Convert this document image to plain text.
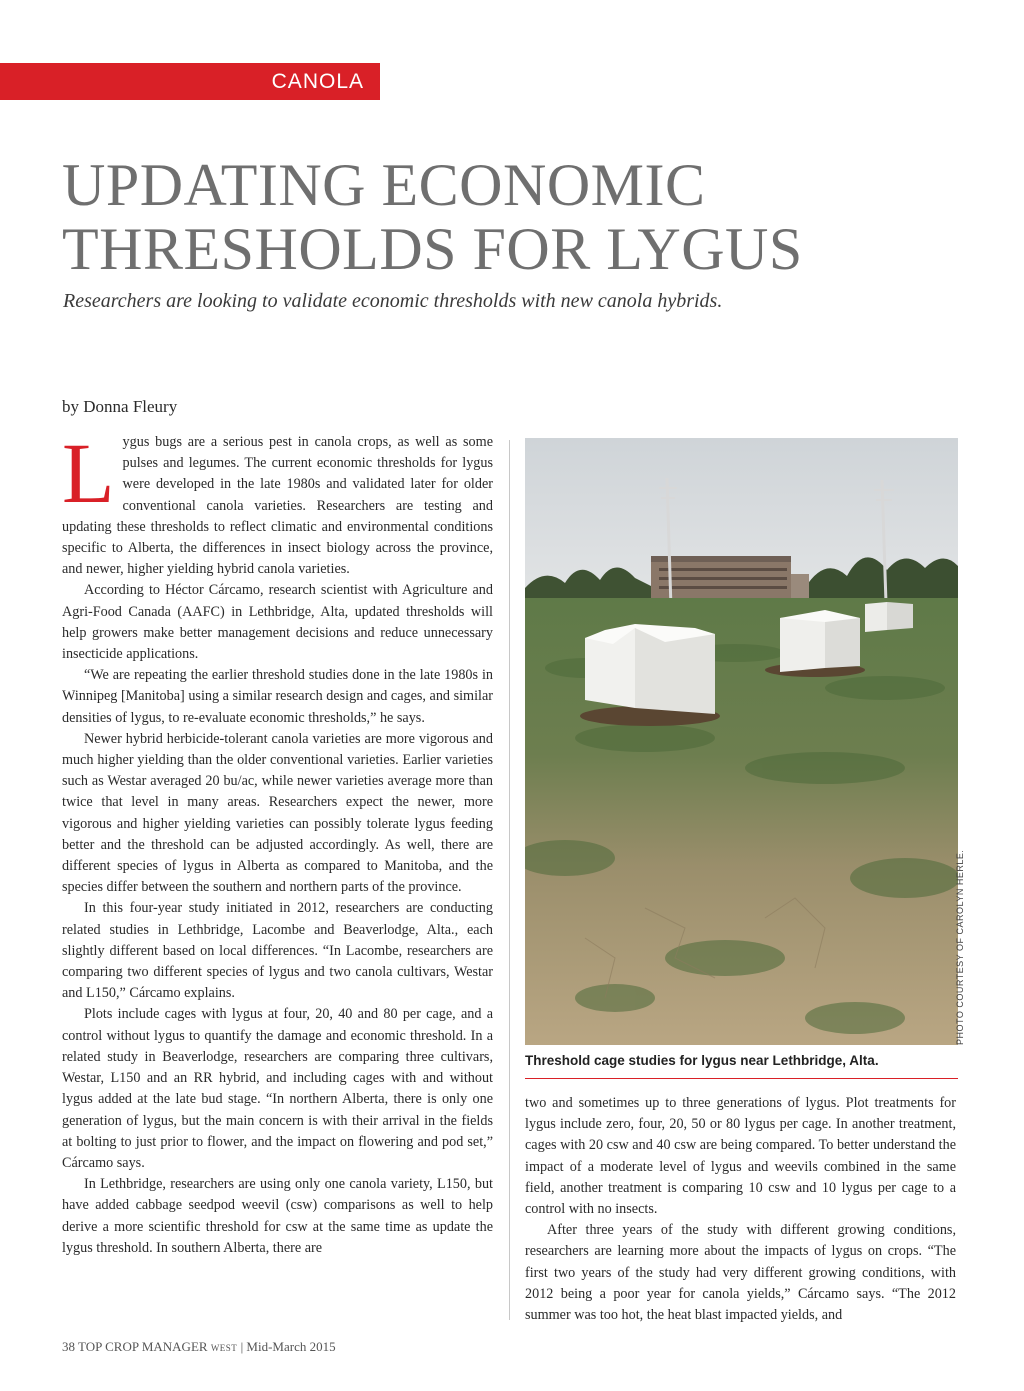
CANOLA
UPDATING ECONOMIC
THRESHOLDS FOR LYGUS
Researchers are looking to validate economic thresholds with new canola hybrids.
by Donna Fleury

Lygus bugs are a serious pest in canola crops, as well as some pulses and legumes. The current economic thresholds for lygus were developed in the late 1980s and validated later for older conventional canola varieties. Researchers are testing and updating these thresholds to reflect climatic and environmental conditions specific to Alberta, the differences in insect biology across the province, and newer, higher yielding hybrid canola varieties.

According to Héctor Cárcamo, research scientist with Agriculture and Agri-Food Canada (AAFC) in Lethbridge, Alta, updated thresholds will help growers make better management decisions and reduce unnecessary insecticide applications.

“We are repeating the earlier threshold studies done in the late 1980s in Winnipeg [Manitoba] using a similar research design and cages, and similar densities of lygus, to re-evaluate economic thresholds,” he says.

Newer hybrid herbicide-tolerant canola varieties are more vigorous and much higher yielding than the older conventional varieties. Earlier varieties such as Westar averaged 20 bu/ac, while newer varieties average more than twice that level in many areas. Researchers expect the newer, more vigorous and higher yielding varieties can possibly tolerate lygus feeding better and the threshold can be adjusted accordingly. As well, there are different species of lygus in Alberta as compared to Manitoba, and the species differ between the southern and northern parts of the province.

In this four-year study initiated in 2012, researchers are conducting related studies in Lethbridge, Lacombe and Beaverlodge, Alta., each slightly different based on local differences. “In Lacombe, researchers are comparing two different species of lygus and two canola cultivars, Westar and L150,” Cárcamo explains.

Plots include cages with lygus at four, 20, 40 and 80 per cage, and a control without lygus to quantify the damage and economic threshold. In a related study in Beaverlodge, researchers are comparing three cultivars, Westar, L150 and an RR hybrid, and including cages with and without lygus added at the late bud stage. “In northern Alberta, there is only one generation of lygus, but the main concern is with their arrival in the fields at bolting to just prior to flower, and the impact on flowering and pod set,” Cárcamo says.

In Lethbridge, researchers are using only one canola variety, L150, but have added cabbage seedpod weevil (csw) comparisons as well to help derive a more scientific threshold for csw at the same time as update the lygus threshold. In southern Alberta, there are

PHOTO COURTESY OF CAROLYN HERLE.
Threshold cage studies for lygus near Lethbridge, Alta.

two and sometimes up to three generations of lygus. Plot treatments for lygus include zero, four, 20, 50 or 80 lygus per cage. In another treatment, cages with 20 csw and 40 csw are being compared. To better understand the impact of a moderate level of lygus and weevils combined in the same field, another treatment is comparing 10 csw and 10 lygus per cage to a control with no insects.

After three years of the study with different growing conditions, researchers are learning more about the impacts of lygus on crops. “The first two years of the study had very different growing conditions, with 2012 being a poor year for canola yields,” Cárcamo says. “The 2012 summer was too hot, the heat blast impacted yields, and

38 TOP CROP MANAGER WEST | Mid-March 2015
